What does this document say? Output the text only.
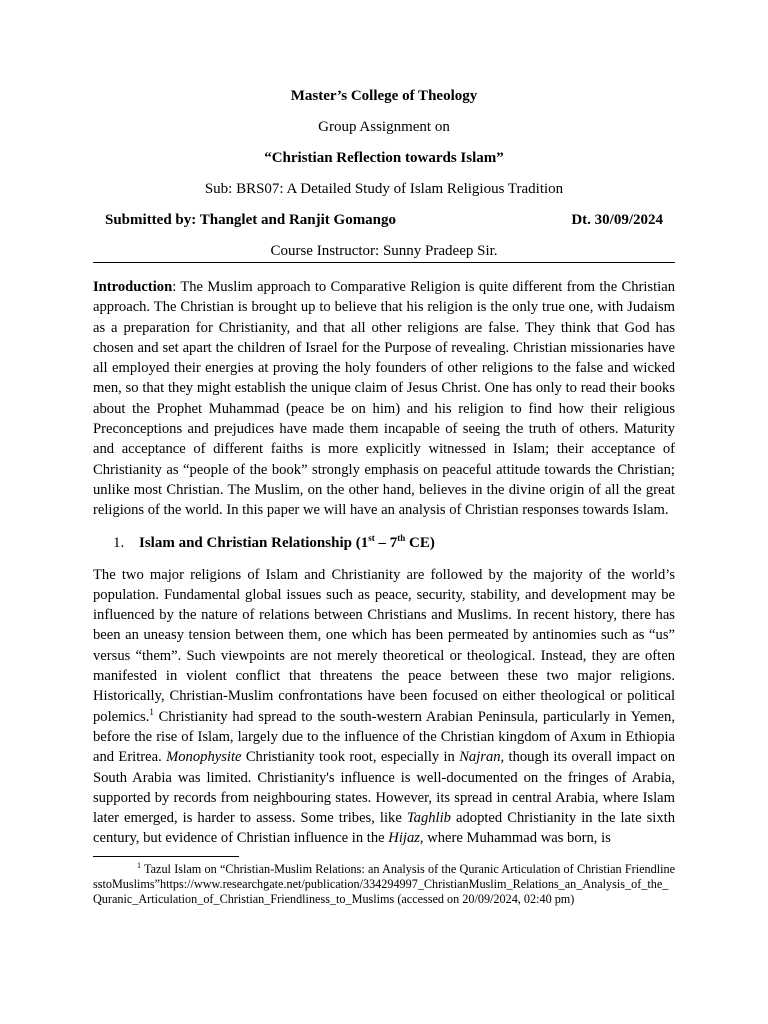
Master’s College of Theology
Group Assignment on
“Christian Reflection towards Islam”
Sub: BRS07: A Detailed Study of Islam Religious Tradition
Submitted by: Thanglet and Ranjit Gomango	Dt. 30/09/2024
Course Instructor: Sunny Pradeep Sir.

Introduction: The Muslim approach to Comparative Religion is quite different from the Christian approach. The Christian is brought up to believe that his religion is the only true one, with Judaism as a preparation for Christianity, and that all other religions are false. They think that God has chosen and set apart the children of Israel for the Purpose of revealing. Christian missionaries have all employed their energies at proving the holy founders of other religions to the false and wicked men, so that they might establish the unique claim of Jesus Christ. One has only to read their books about the Prophet Muhammad (peace be on him) and his religion to find how their religious Preconceptions and prejudices have made them incapable of seeing the truth of others. Maturity and acceptance of different faiths is more explicitly witnessed in Islam; their acceptance of Christianity as “people of the book” strongly emphasis on peaceful attitude towards the Christian; unlike most Christian. The Muslim, on the other hand, believes in the divine origin of all the great religions of the world. In this paper we will have an analysis of Christian responses towards Islam.

1. Islam and Christian Relationship (1st – 7th CE)

The two major religions of Islam and Christianity are followed by the majority of the world’s population. Fundamental global issues such as peace, security, stability, and development may be influenced by the nature of relations between Christians and Muslims. In recent history, there has been an uneasy tension between them, one which has been permeated by antinomies such as “us” versus “them”. Such viewpoints are not merely theoretical or theological. Instead, they are often manifested in violent conflict that threatens the peace between these two major religions. Historically, Christian-Muslim confrontations have been focused on either theological or political polemics.$^1$ Christianity had spread to the south-western Arabian Peninsula, particularly in Yemen, before the rise of Islam, largely due to the influence of the Christian kingdom of Axum in Ethiopia and Eritrea. Monophysite Christianity took root, especially in Najran, though its overall impact on South Arabia was limited. Christianity's influence is well-documented on the fringes of Arabia, supported by records from neighbouring states. However, its spread in central Arabia, where Islam later emerged, is harder to assess. Some tribes, like Taghlib adopted Christianity in the late sixth century, but evidence of Christian influence in the Hijaz, where Muhammad was born, is

$^1$ Tazul Islam on “Christian-Muslim Relations: an Analysis of the Quranic Articulation of Christian FriendlinesstoMuslims”https://www.researchgate.net/publication/334294997_ChristianMuslim_Relations_an_Analysis_of_the_Quranic_Articulation_of_Christian_Friendliness_to_Muslims (accessed on 20/09/2024, 02:40 pm)
